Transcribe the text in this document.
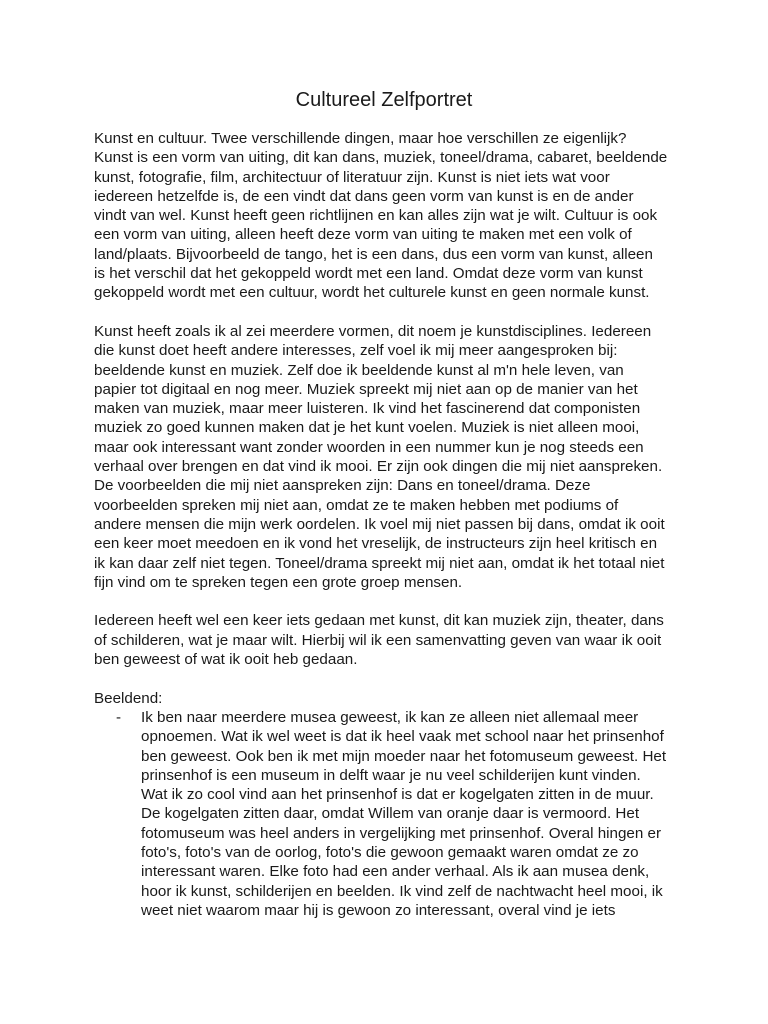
Cultureel Zelfportret
Kunst en cultuur. Twee verschillende dingen, maar hoe verschillen ze eigenlijk?
Kunst is een vorm van uiting, dit kan dans, muziek, toneel/drama, cabaret, beeldende
kunst, fotografie, film, architectuur of literatuur zijn. Kunst is niet iets wat voor
iedereen hetzelfde is, de een vindt dat dans geen vorm van kunst is en de ander
vindt van wel. Kunst heeft geen richtlijnen en kan alles zijn wat je wilt. Cultuur is ook
een vorm van uiting, alleen heeft deze vorm van uiting te maken met een volk of
land/plaats. Bijvoorbeeld de tango, het is een dans, dus een vorm van kunst, alleen
is het verschil dat het gekoppeld wordt met een land. Omdat deze vorm van kunst
gekoppeld wordt met een cultuur, wordt het culturele kunst en geen normale kunst.
Kunst heeft zoals ik al zei meerdere vormen, dit noem je kunstdisciplines. Iedereen
die kunst doet heeft andere interesses, zelf voel ik mij meer aangesproken bij:
beeldende kunst en muziek. Zelf doe ik beeldende kunst al m'n hele leven, van
papier tot digitaal en nog meer. Muziek spreekt mij niet aan op de manier van het
maken van muziek, maar meer luisteren. Ik vind het fascinerend dat componisten
muziek zo goed kunnen maken dat je het kunt voelen. Muziek is niet alleen mooi,
maar ook interessant want zonder woorden in een nummer kun je nog steeds een
verhaal over brengen en dat vind ik mooi. Er zijn ook dingen die mij niet aanspreken.
De voorbeelden die mij niet aanspreken zijn: Dans en toneel/drama. Deze
voorbeelden spreken mij niet aan, omdat ze te maken hebben met podiums of
andere mensen die mijn werk oordelen. Ik voel mij niet passen bij dans, omdat ik ooit
een keer moet meedoen en ik vond het vreselijk, de instructeurs zijn heel kritisch en
ik kan daar zelf niet tegen. Toneel/drama spreekt mij niet aan, omdat ik het totaal niet
fijn vind om te spreken tegen een grote groep mensen.
Iedereen heeft wel een keer iets gedaan met kunst, dit kan muziek zijn, theater, dans
of schilderen, wat je maar wilt. Hierbij wil ik een samenvatting geven van waar ik ooit
ben geweest of wat ik ooit heb gedaan.
Beeldend:
- Ik ben naar meerdere musea geweest, ik kan ze alleen niet allemaal meer
opnoemen. Wat ik wel weet is dat ik heel vaak met school naar het prinsenhof
ben geweest. Ook ben ik met mijn moeder naar het fotomuseum geweest. Het
prinsenhof is een museum in delft waar je nu veel schilderijen kunt vinden.
Wat ik zo cool vind aan het prinsenhof is dat er kogelgaten zitten in de muur.
De kogelgaten zitten daar, omdat Willem van oranje daar is vermoord. Het
fotomuseum was heel anders in vergelijking met prinsenhof. Overal hingen er
foto's, foto's van de oorlog, foto's die gewoon gemaakt waren omdat ze zo
interessant waren. Elke foto had een ander verhaal. Als ik aan musea denk,
hoor ik kunst, schilderijen en beelden. Ik vind zelf de nachtwacht heel mooi, ik
weet niet waarom maar hij is gewoon zo interessant, overal vind je iets
